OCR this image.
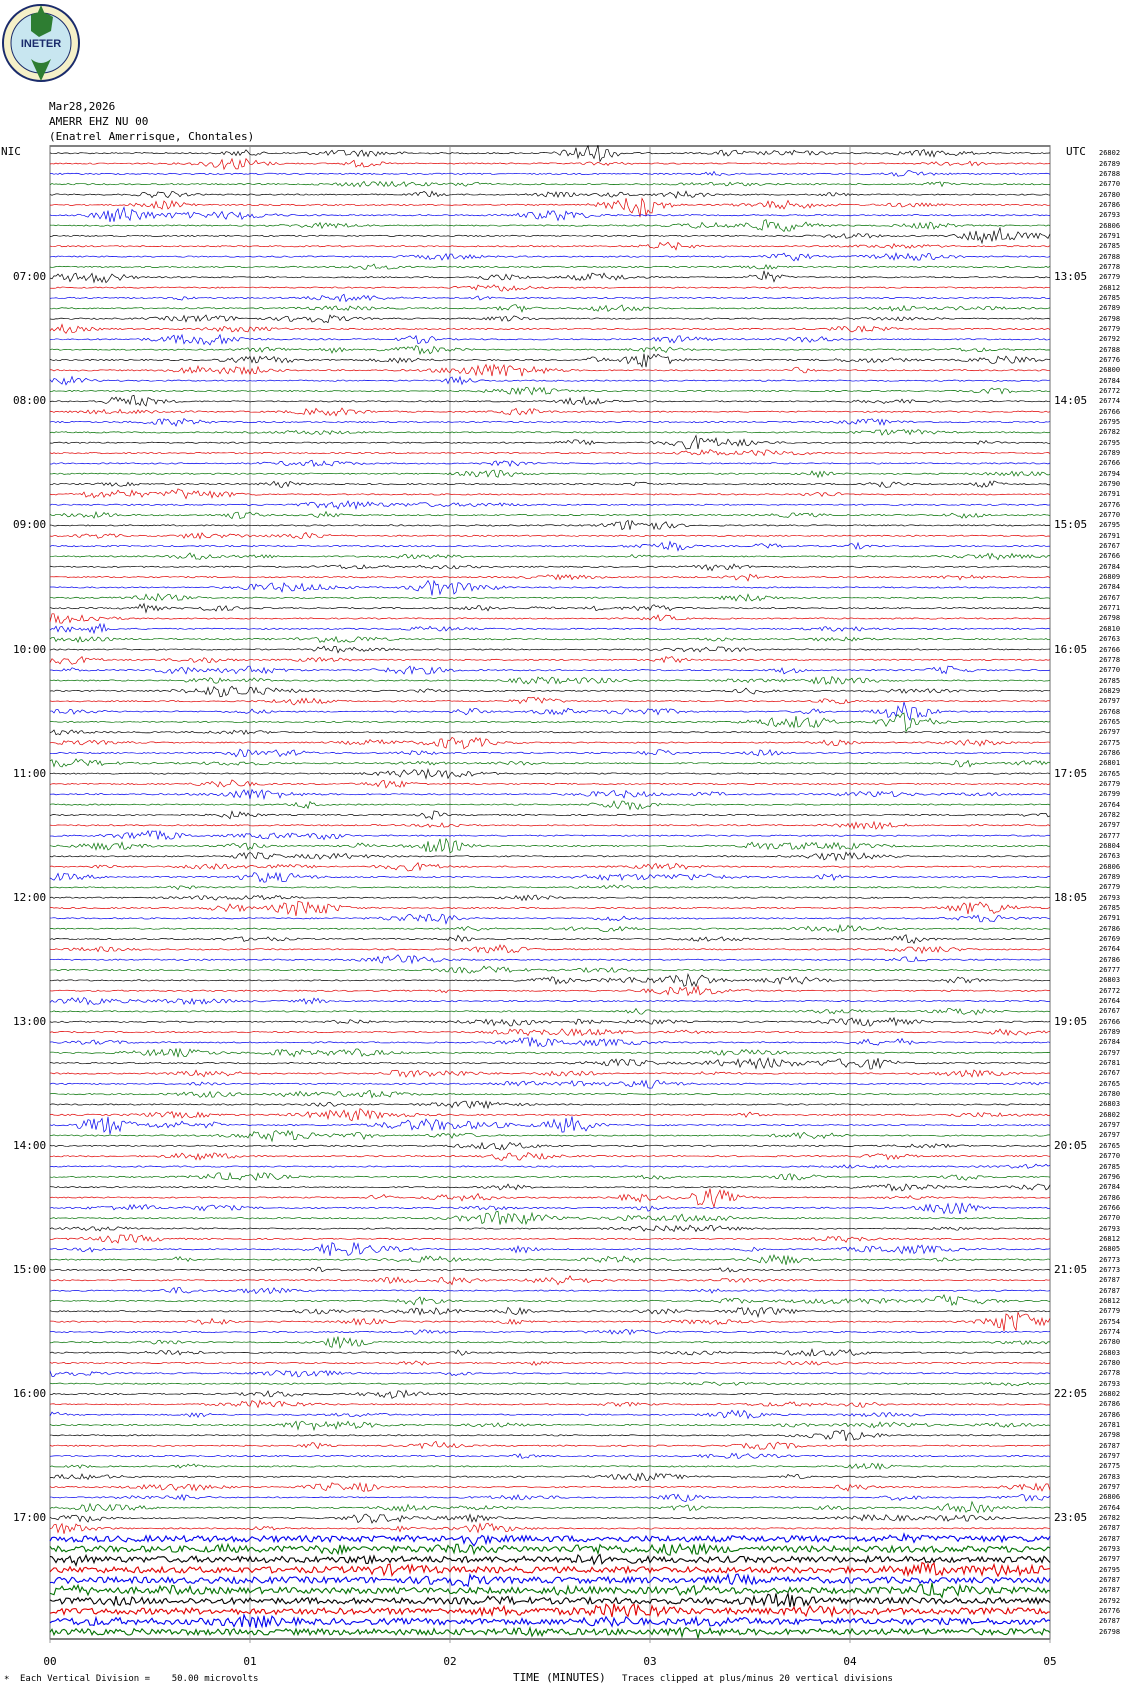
INETER
Mar28,2026
AMERR EHZ NU 00
(Enatrel Amerrisque, Chontales)
NIC	UTC
07:00
08:00
09:00
10:00
11:00
12:00
13:00
14:00
15:00
16:00
17:00
13:05
14:05
15:05
16:05
17:05
18:05
19:05
20:05
21:05
22:05
23:05
26802
26789
26788
26770
26780
26786
26793
26806
26791
26785
26788
26778
26779
26812
26785
26789
26798
26779
26792
26788
26776
26800
26784
26772
26774
26766
26795
26782
26795
26789
26766
26794
26790
26791
26776
26770
26795
26791
26767
26766
26784
26809
26784
26767
26771
26798
26810
26763
26766
26778
26770
26785
26829
26797
26768
26765
26797
26775
26786
26801
26765
26779
26799
26764
26782
26797
26777
26804
26763
26806
26789
26779
26793
26785
26791
26786
26769
26764
26786
26777
26803
26772
26764
26767
26766
26789
26784
26797
26781
26767
26765
26780
26803
26802
26797
26797
26765
26770
26785
26796
26784
26786
26766
26770
26793
26812
26805
26773
26773
26787
26787
26812
26779
26754
26774
26780
26803
26780
26778
26793
26802
26786
26786
26781
26798
26787
26797
26775
26783
26797
26806
26764
26782
26787
26787
26793
26797
26795
26787
26787
26792
26776
26787
26798
00	01	02	03	04	05
* Each Vertical Division =    50.00 microvolts	TIME (MINUTES) Traces clipped at plus/minus 20 vertical divisions
